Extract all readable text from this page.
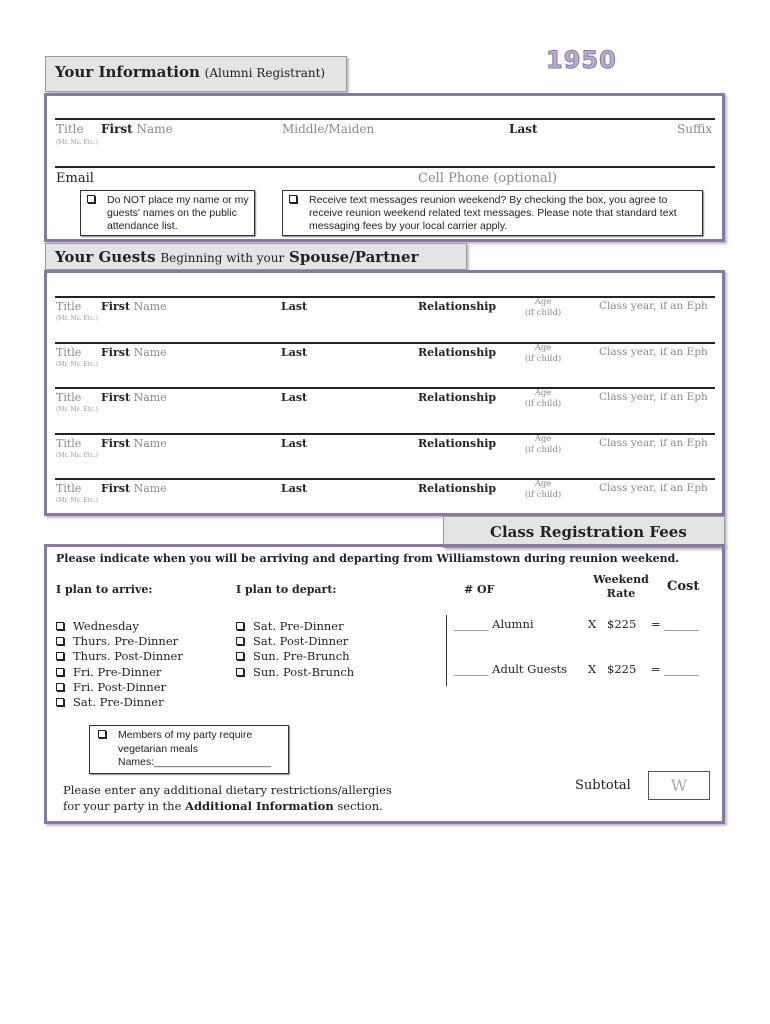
1950
Your Information (Alumni Registrant)
Title
(Mr. Ms. Etc.)
First Name	Middle/Maiden	Last	Suffix
Email	Cell Phone (optional)
Do NOT place my name or my guests' names on the public attendance list.
Receive text messages reunion weekend? By checking the box, you agree to receive reunion weekend related text messages. Please note that standard text messaging fees by your local carrier apply.
Your Guests Beginning with your Spouse/Partner
Title
(Mr. Ms. Etc.)
First Name	Last	Relationship	Age
(if child)
Class year, if an Eph
Title
(Mr. Ms. Etc.)
First Name	Last	Relationship	Age
(if child)
Class year, if an Eph
Title
(Mr. Ms. Etc.)
First Name	Last	Relationship	Age
(if child)
Class year, if an Eph
Title
(Mr. Ms. Etc.)
First Name	Last	Relationship	Age
(if child)
Class year, if an Eph
Title
(Mr. Ms. Etc.)
First Name	Last	Relationship	Age
(if child)
Class year, if an Eph
Class Registration Fees
Please indicate when you will be arriving and departing from Williamstown during reunion weekend.
I plan to arrive:	I plan to depart:	# OF
Weekend
Rate	Cost
Wednesday
Thurs. Pre-Dinner
Thurs. Post-Dinner
Fri. Pre-Dinner
Fri. Post-Dinner
Sat. Pre-Dinner
Sat. Pre-Dinner
Sat. Post-Dinner
Sun. Pre-Brunch
Sun. Post-Brunch
______ Alumni	X $225 = ______
______ Adult Guests X $225 = ______
Members of my party require
vegetarian meals
Names:____________________
Please enter any additional dietary restrictions/allergies
for your party in the Additional Information section.
Subtotal	W
